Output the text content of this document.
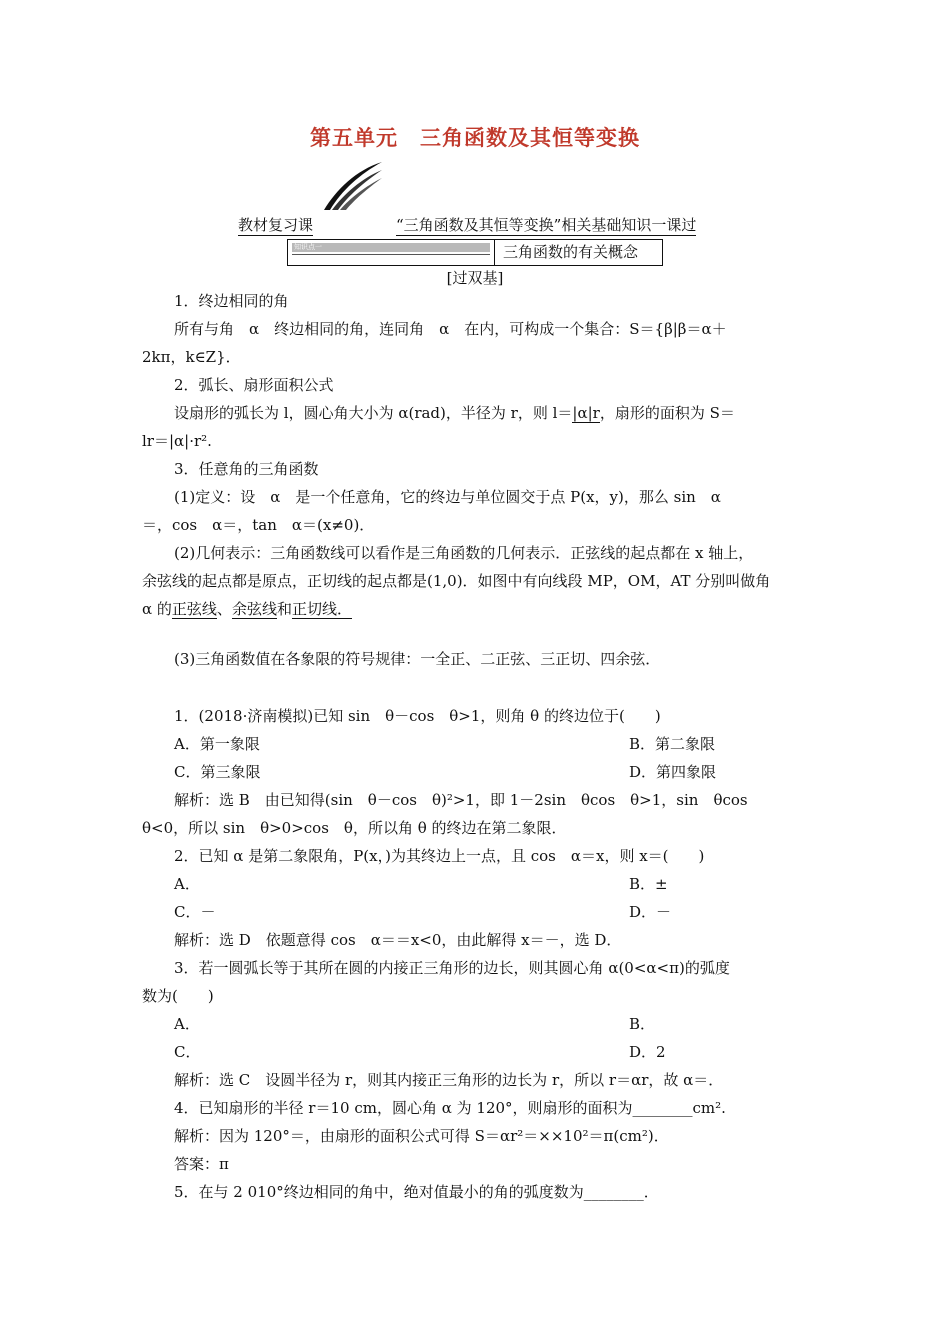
第五单元　三角函数及其恒等变换
教材复习课	“三角函数及其恒等变换”相关基础知识一课过
知识点一	三角函数的有关概念
[过双基]
1．终边相同的角
所有与角　α　终边相同的角，连同角　α　在内，可构成一个集合：S＝{β|β＝α＋
2kπ，k∈Z}．
2．弧长、扇形面积公式
设扇形的弧长为 l，圆心角大小为 α(rad)，半径为 r，则 l＝|α|r，扇形的面积为 S＝
lr＝|α|·r².
3．任意角的三角函数
(1)定义：设　α　是一个任意角，它的终边与单位圆交于点 P(x，y)，那么 sin　α
＝，cos　α＝，tan　α＝(x≠0)．
(2)几何表示：三角函数线可以看作是三角函数的几何表示．正弦线的起点都在 x 轴上，
余弦线的起点都是原点，正切线的起点都是(1,0)．如图中有向线段 MP，OM，AT 分别叫做角
α 的正弦线、余弦线和正切线．
(3)三角函数值在各象限的符号规律：一全正、二正弦、三正切、四余弦．
1．(2018·济南模拟)已知 sin　θ－cos　θ>1，则角 θ 的终边位于(　　)
A．第一象限	B．第二象限
C．第三象限	D．第四象限
解析：选 B　由已知得(sin　θ－cos　θ)²>1，即 1－2sin　θcos　θ>1，sin　θcos
θ<0，所以 sin　θ>0>cos　θ，所以角 θ 的终边在第二象限．
2．已知 α 是第二象限角，P(x，)为其终边上一点，且 cos　α＝x，则 x＝(　　)
A．	B．±
C．－	D．－
解析：选 D　依题意得 cos　α＝＝x<0，由此解得 x＝－，选 D．
3．若一圆弧长等于其所在圆的内接正三角形的边长，则其圆心角 α(0<α<π)的弧度
数为(　　)
A．	B．
C．	D．2
解析：选 C　设圆半径为 r，则其内接正三角形的边长为 r，所以 r＝αr，故 α＝．
4．已知扇形的半径 r＝10 cm，圆心角 α 为 120°，则扇形的面积为________cm².
解析：因为 120°＝，由扇形的面积公式可得 S＝αr²＝××10²＝π(cm²)．
答案：π
5．在与 2 010°终边相同的角中，绝对值最小的角的弧度数为________．
